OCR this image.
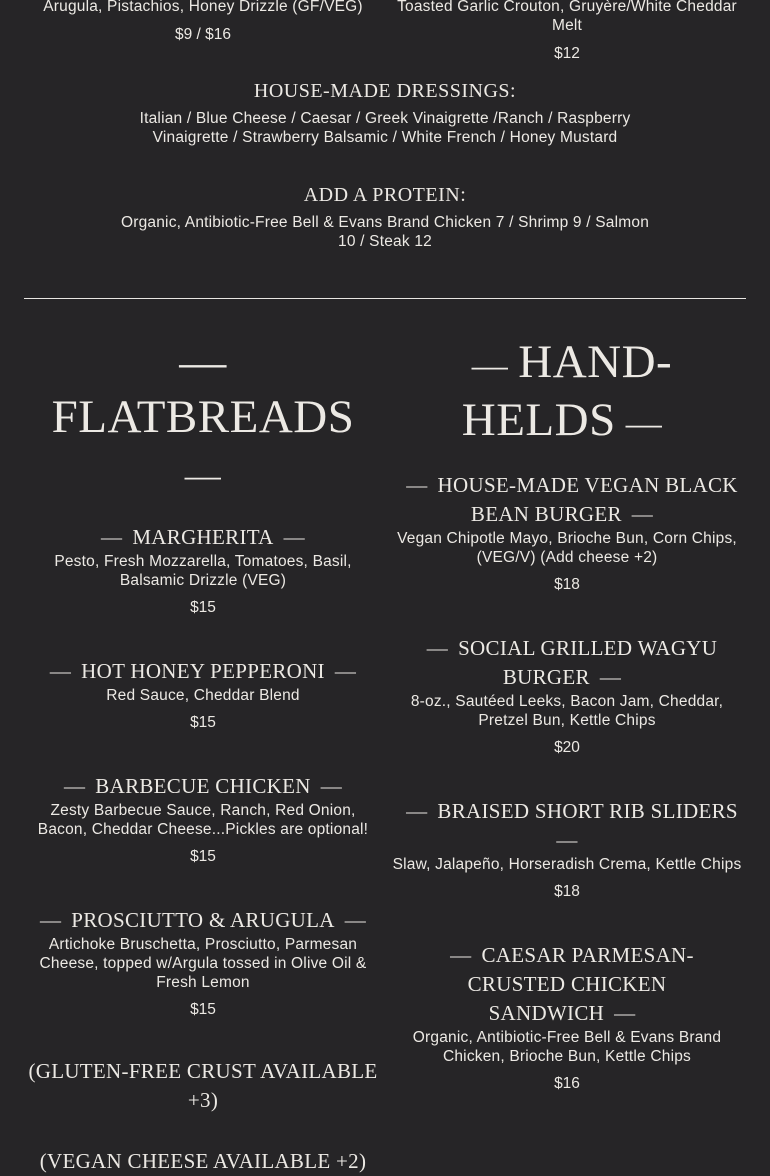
Arugula, Pistachios, Honey Drizzle (GF/VEG)

$9 / $16

Toasted Garlic Crouton, Gruyère/White Cheddar Melt

$12

HOUSE-MADE DRESSINGS:

Italian / Blue Cheese / Caesar / Greek Vinaigrette /Ranch / Raspberry Vinaigrette / Strawberry Balsamic / White French / Honey Mustard

ADD A PROTEIN:

Organic, Antibiotic-Free Bell & Evans Brand Chicken 7 / Shrimp 9 / Salmon 10 / Steak 12

—FLATBREADS
—
— MARGHERITA —

Pesto, Fresh Mozzarella, Tomatoes, Basil, Balsamic Drizzle (VEG)

$15

— HOT HONEY PEPPERONI —

Red Sauce, Cheddar Blend

$15

— BARBECUE CHICKEN —

Zesty Barbecue Sauce, Ranch, Red Onion, Bacon, Cheddar Cheese...Pickles are optional!

$15

— PROSCIUTTO & ARUGULA —

Artichoke Bruschetta, Prosciutto, Parmesan Cheese, topped w/Argula tossed in Olive Oil & Fresh Lemon

$15

(GLUTEN-FREE CRUST AVAILABLE +3)
(VEGAN CHEESE AVAILABLE +2)
— HAND-
HELDS —
— HOUSE-MADE VEGAN BLACK BEAN BURGER —

Vegan Chipotle Mayo, Brioche Bun, Corn Chips, (VEG/V) (Add cheese +2)

$18

— SOCIAL GRILLED WAGYU BURGER —

8-oz., Sautéed Leeks, Bacon Jam, Cheddar, Pretzel Bun, Kettle Chips

$20

— BRAISED SHORT RIB SLIDERS—

Slaw, Jalapeño, Horseradish Crema, Kettle Chips

$18

— CAESAR PARMESAN-CRUSTED CHICKEN SANDWICH —

Organic, Antibiotic-Free Bell & Evans Brand Chicken, Brioche Bun, Kettle Chips

$16
